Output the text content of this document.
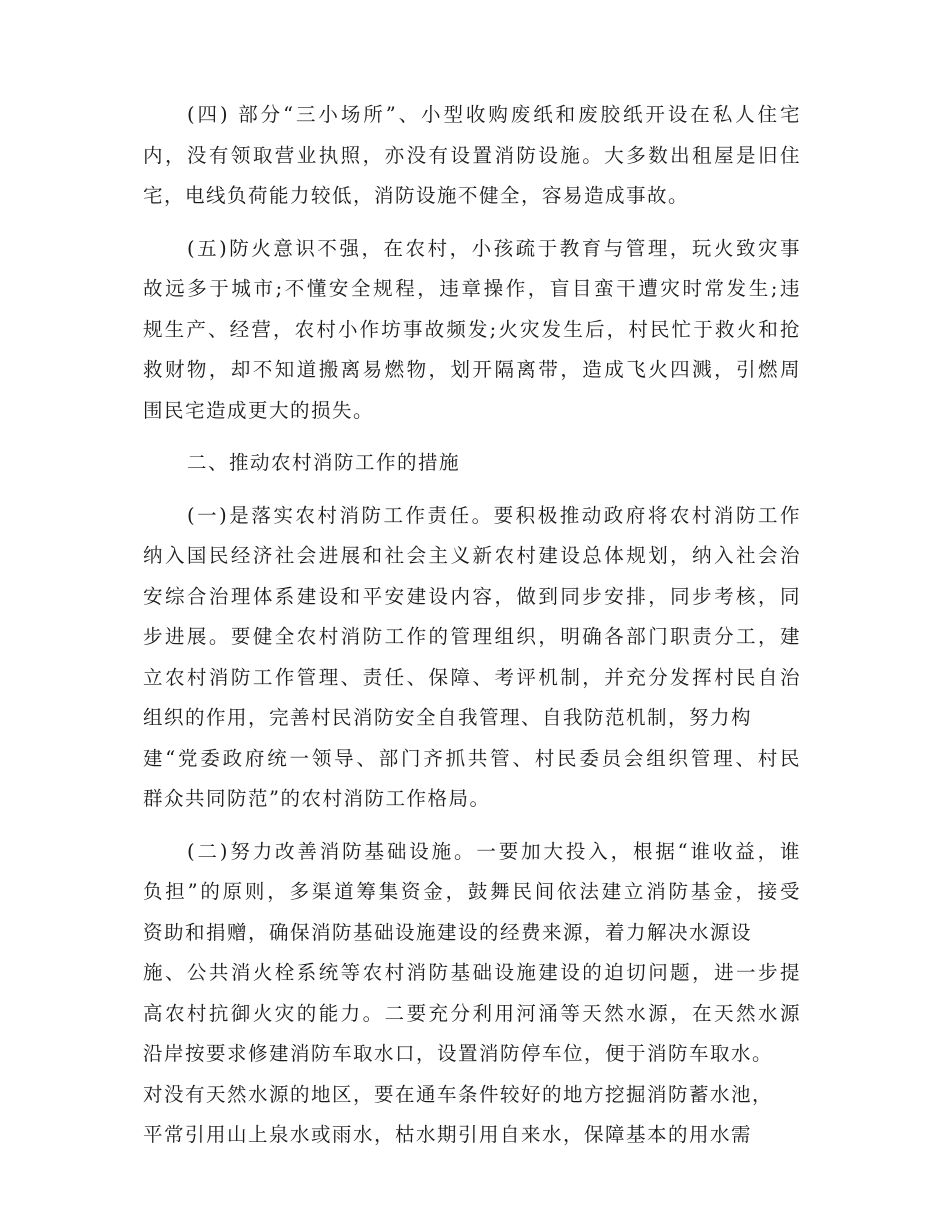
(四) 部分“三小场所”、小型收购废纸和废胶纸开设在私人住宅
内，没有领取营业执照，亦没有设置消防设施。大多数出租屋是旧住
宅，电线负荷能力较低，消防设施不健全，容易造成事故。
(五)防火意识不强，在农村，小孩疏于教育与管理，玩火致灾事
故远多于城市;不懂安全规程，违章操作，盲目蛮干遭灾时常发生;违
规生产、经营，农村小作坊事故频发;火灾发生后，村民忙于救火和抢
救财物，却不知道搬离易燃物，划开隔离带，造成飞火四溅，引燃周
围民宅造成更大的损失。
二、推动农村消防工作的措施
(一)是落实农村消防工作责任。要积极推动政府将农村消防工作
纳入国民经济社会进展和社会主义新农村建设总体规划，纳入社会治
安综合治理体系建设和平安建设内容，做到同步安排，同步考核，同
步进展。要健全农村消防工作的管理组织，明确各部门职责分工，建
立农村消防工作管理、责任、保障、考评机制，并充分发挥村民自治
组织的作用，完善村民消防安全自我管理、自我防范机制，努力构
建“党委政府统一领导、部门齐抓共管、村民委员会组织管理、村民
群众共同防范”的农村消防工作格局。
(二)努力改善消防基础设施。一要加大投入，根据“谁收益，谁
负担”的原则，多渠道筹集资金，鼓舞民间依法建立消防基金，接受
资助和捐赠，确保消防基础设施建设的经费来源，着力解决水源设
施、公共消火栓系统等农村消防基础设施建设的迫切问题，进一步提
高农村抗御火灾的能力。二要充分利用河涌等天然水源，在天然水源
沿岸按要求修建消防车取水口，设置消防停车位，便于消防车取水。
对没有天然水源的地区，要在通车条件较好的地方挖掘消防蓄水池，
平常引用山上泉水或雨水，枯水期引用自来水，保障基本的用水需
